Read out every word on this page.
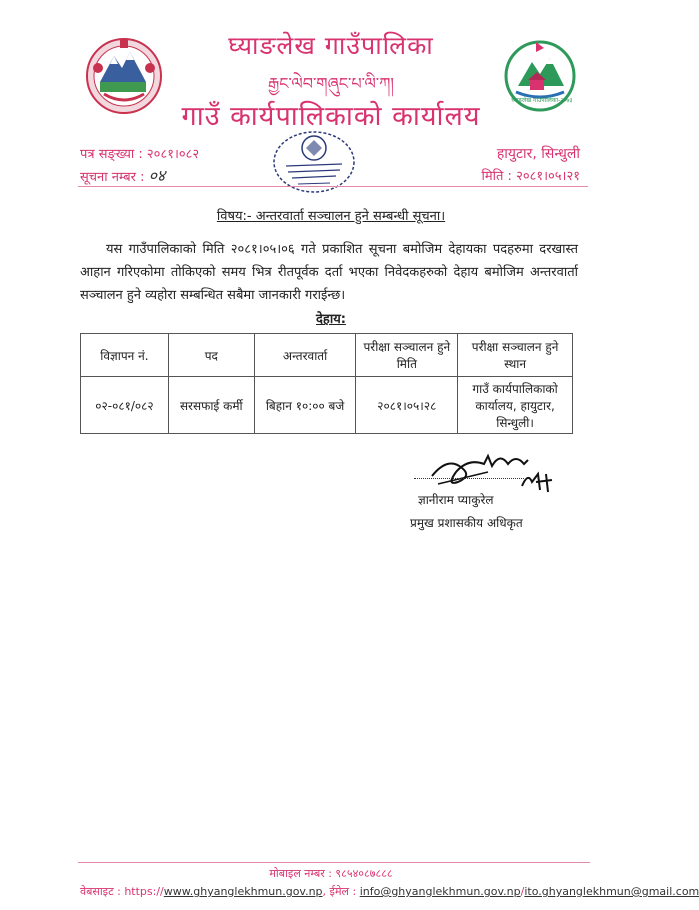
घ्याङलेख गाउँपालिका-२०७३
घ्याङलेख गाउँपालिका
རྒྱང་ལེབ་གཞུང་པ་ལི་ཀ།
गाउँ कार्यपालिकाको कार्यालय
पत्र सङ्ख्या : २०८१।०८२
सूचना नम्बर : ०४
हायुटार, सिन्धुली
मिति : २०८१।०५।२१
विषय:- अन्तरवार्ता सञ्चालन हुने सम्बन्धी सूचना।
यस गाउँपालिकाको मिति २०८१।०५।०६ गते प्रकाशित सूचना बमोजिम देहायका पदहरुमा दरखास्त आहान गरिएकोमा तोकिएको समय भित्र रीतपूर्वक दर्ता भएका निवेदकहरुको देहाय बमोजिम अन्तरवार्ता सञ्चालन हुने व्यहोरा सम्बन्धित सबैमा जानकारी गराईन्छ।
देहाय:
विज्ञापन नं.	पद	अन्तरवार्ता	परीक्षा सञ्चालन हुने मिति	परीक्षा सञ्चालन हुने स्थान
०२-०८१/०८२	सरसफाई कर्मी	बिहान १०:०० बजे	२०८१।०५।२८	गाउँ कार्यपालिकाको कार्यालय, हायुटार, सिन्धुली।
ज्ञानीराम प्याकुरेल
प्रमुख प्रशासकीय अधिकृत
मोबाइल नम्बर : ९८५४०८७८८८
वेबसाइट : https://www.ghyanglekhmun.gov.np, ईमेल : info@ghyanglekhmun.gov.np/ito.ghyanglekhmun@gmail.com
